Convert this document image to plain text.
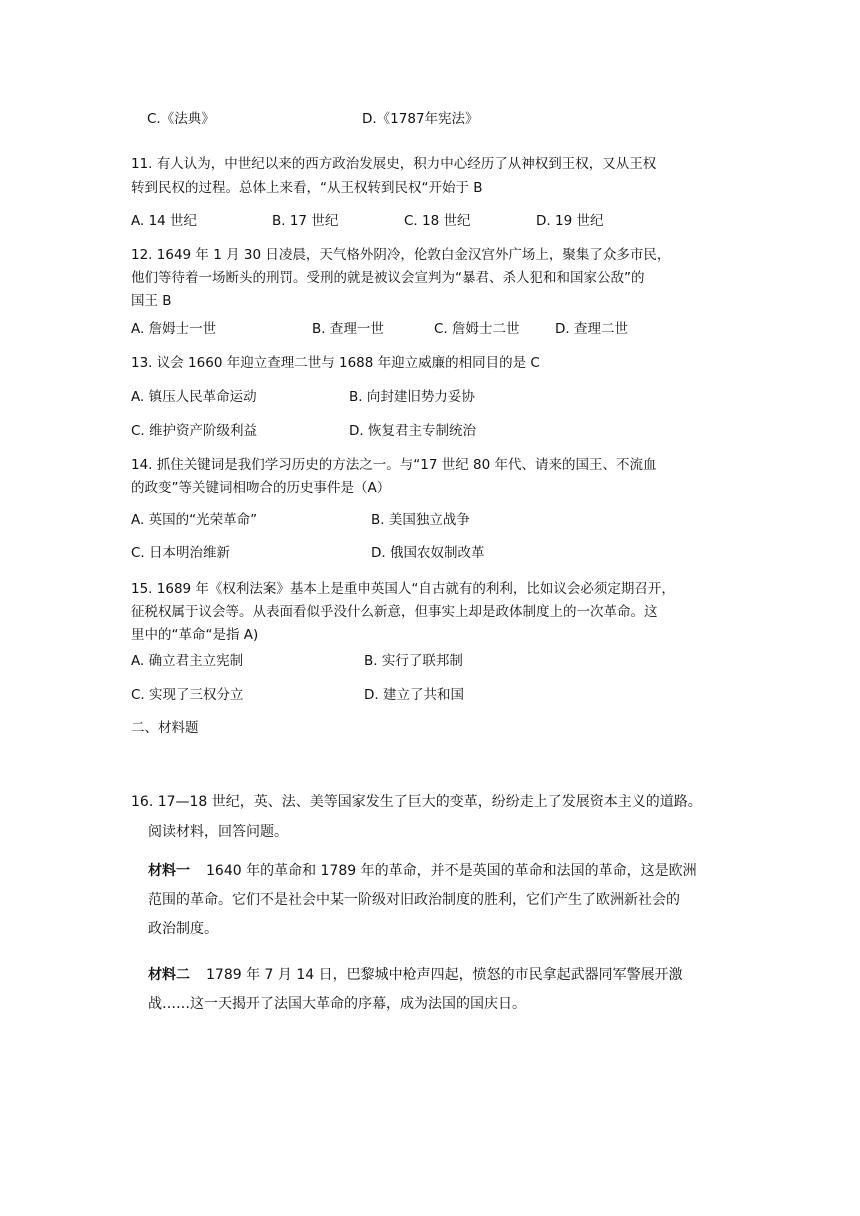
C.《法典》	D.《1787年宪法》
11. 有人认为，中世纪以来的西方政治发展史，积力中心经历了从神权到王权，又从王权
转到民权的过程。总体上来看，“从王权转到民权“开始于 B
A. 14 世纪	B. 17 世纪	C. 18 世纪	D. 19 世纪
12. 1649 年 1 月 30 日凌晨，天气格外阴冷，伦敦白金汉宫外广场上，聚集了众多市民，
他们等待着一场断头的刑罚。受刑的就是被议会宣判为“暴君、杀人犯和和国家公敌”的
国王 B
A. 詹姆士一世	B. 查理一世	C. 詹姆士二世	D. 查理二世
13. 议会 1660 年迎立查理二世与 1688 年迎立威廉的相同目的是 C
A. 镇压人民革命运动	B. 向封建旧势力妥协
C. 维护资产阶级利益	D. 恢复君主专制统治
14. 抓住关键词是我们学习历史的方法之一。与“17 世纪 80 年代、请来的国王、不流血
的政变”等关键词相吻合的历史事件是（A）
A. 英国的“光荣革命”	B. 美国独立战争
C. 日本明治维新	D. 俄国农奴制改革
15. 1689 年《权利法案》基本上是重申英国人“自古就有的利利，比如议会必须定期召开，
征税权属于议会等。从表面看似乎没什么新意，但事实上却是政体制度上的一次革命。这
里中的“革命“是指 A)
A. 确立君主立宪制	B. 实行了联邦制
C. 实现了三权分立	D. 建立了共和国
二、材料题
16. 17—18 世纪，英、法、美等国家发生了巨大的变革，纷纷走上了发展资本主义的道路。
阅读材料，回答问题。
材料一 1640 年的革命和 1789 年的革命，并不是英国的革命和法国的革命，这是欧洲
范围的革命。它们不是社会中某一阶级对旧政治制度的胜利，它们产生了欧洲新社会的
政治制度。
材料二 1789 年 7 月 14 日，巴黎城中枪声四起，愤怒的市民拿起武器同军警展开激
战……这一天揭开了法国大革命的序幕，成为法国的国庆日。
